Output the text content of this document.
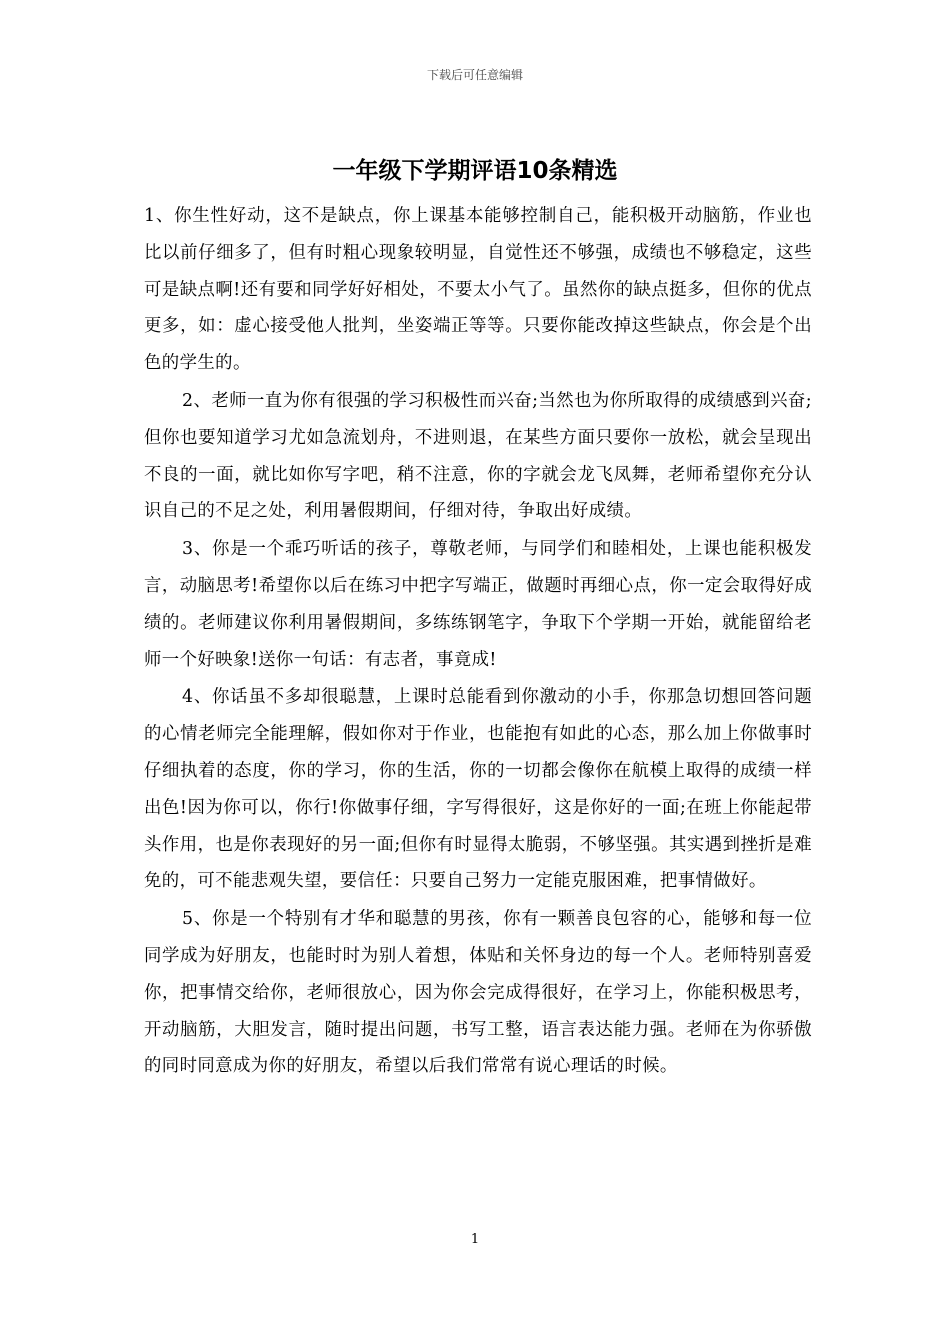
下载后可任意编辑
一年级下学期评语10条精选

1、你生性好动，这不是缺点，你上课基本能够控制自己，能积极开动脑筋，作业也比以前仔细多了，但有时粗心现象较明显，自觉性还不够强，成绩也不够稳定，这些可是缺点啊!还有要和同学好好相处，不要太小气了。虽然你的缺点挺多，但你的优点更多，如：虚心接受他人批判，坐姿端正等等。只要你能改掉这些缺点，你会是个出色的学生的。

2、老师一直为你有很强的学习积极性而兴奋;当然也为你所取得的成绩感到兴奋;但你也要知道学习尤如急流划舟，不进则退，在某些方面只要你一放松，就会呈现出不良的一面，就比如你写字吧，稍不注意，你的字就会龙飞凤舞，老师希望你充分认识自己的不足之处，利用暑假期间，仔细对待，争取出好成绩。

3、你是一个乖巧听话的孩子，尊敬老师，与同学们和睦相处，上课也能积极发言，动脑思考!希望你以后在练习中把字写端正，做题时再细心点，你一定会取得好成绩的。老师建议你利用暑假期间，多练练钢笔字，争取下个学期一开始，就能留给老师一个好映象!送你一句话：有志者，事竟成!

4、你话虽不多却很聪慧，上课时总能看到你激动的小手，你那急切想回答问题的心情老师完全能理解，假如你对于作业，也能抱有如此的心态，那么加上你做事时仔细执着的态度，你的学习，你的生活，你的一切都会像你在航模上取得的成绩一样出色!因为你可以，你行!你做事仔细，字写得很好，这是你好的一面;在班上你能起带头作用，也是你表现好的另一面;但你有时显得太脆弱，不够坚强。其实遇到挫折是难免的，可不能悲观失望，要信任：只要自己努力一定能克服困难，把事情做好。

5、你是一个特别有才华和聪慧的男孩，你有一颗善良包容的心，能够和每一位同学成为好朋友，也能时时为别人着想，体贴和关怀身边的每一个人。老师特别喜爱你，把事情交给你，老师很放心，因为你会完成得很好，在学习上，你能积极思考，开动脑筋，大胆发言，随时提出问题，书写工整，语言表达能力强。老师在为你骄傲的同时同意成为你的好朋友，希望以后我们常常有说心理话的时候。

1
